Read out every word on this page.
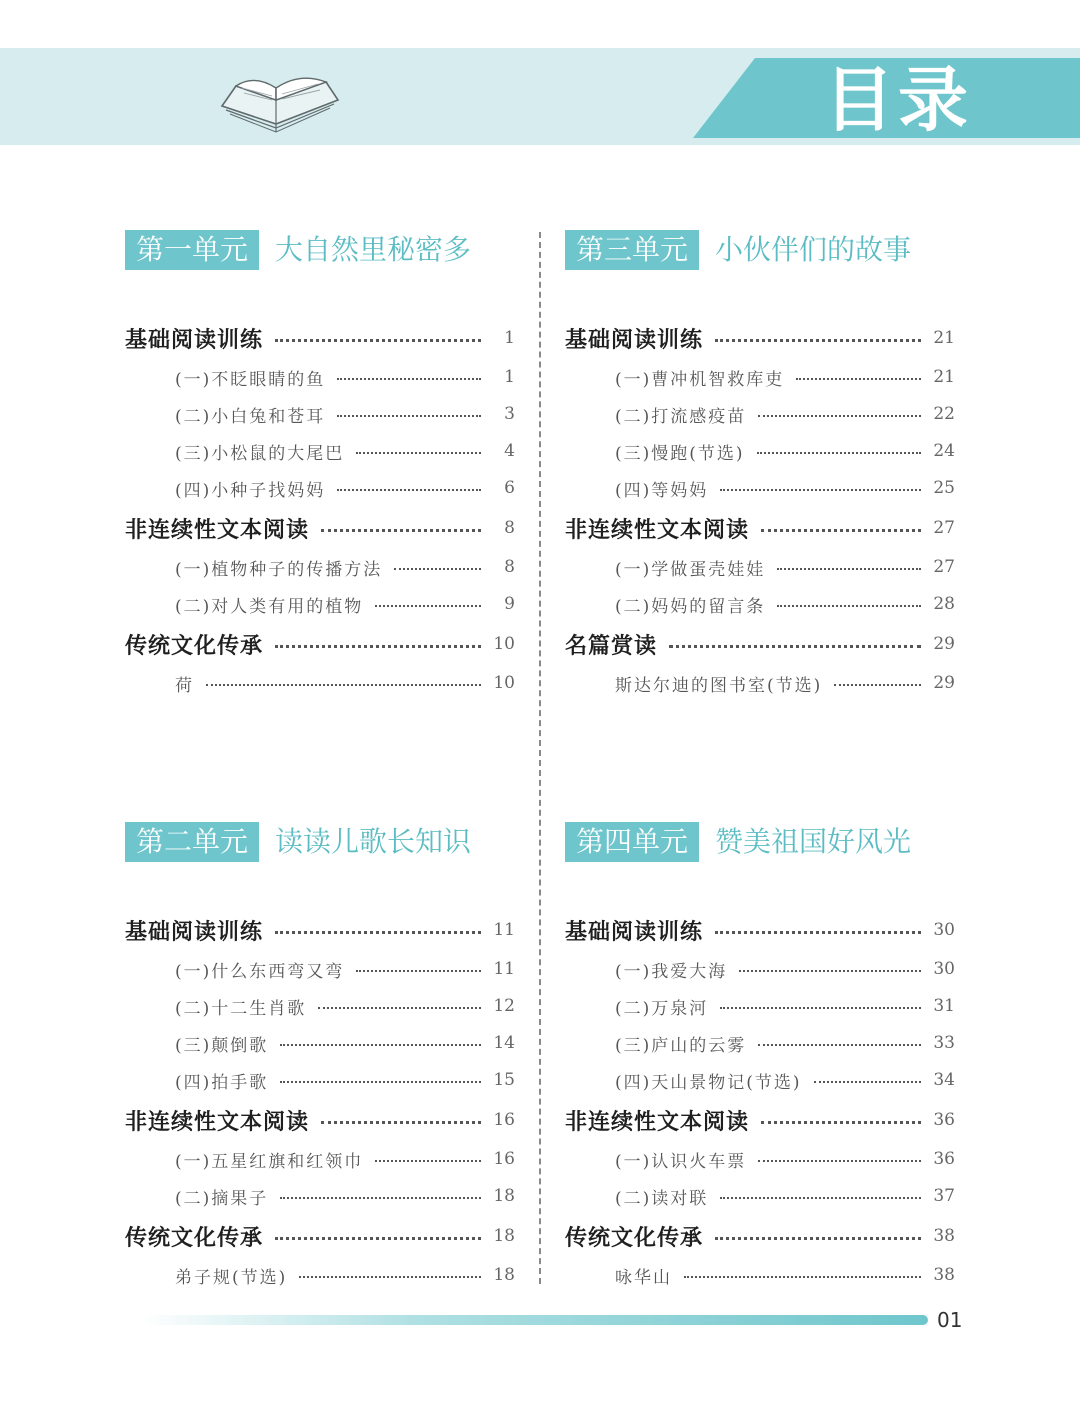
目录
第一单元 大自然里秘密多	第三单元 小伙伴们的故事
第二单元 读读儿歌长知识	第四单元 赞美祖国好风光
基础阅读训练	1
(一)不眨眼睛的鱼	1
(二)小白兔和苍耳	3
(三)小松鼠的大尾巴	4
(四)小种子找妈妈	6
非连续性文本阅读	8
(一)植物种子的传播方法	8
(二)对人类有用的植物	9
传统文化传承	10
荷	10
基础阅读训练	21
(一)曹冲机智救库吏	21
(二)打流感疫苗	22
(三)慢跑(节选)	24
(四)等妈妈	25
非连续性文本阅读	27
(一)学做蛋壳娃娃	27
(二)妈妈的留言条	28
名篇赏读	29
斯达尔迪的图书室(节选)	29
基础阅读训练	11
(一)什么东西弯又弯	11
(二)十二生肖歌	12
(三)颠倒歌	14
(四)拍手歌	15
非连续性文本阅读	16
(一)五星红旗和红领巾	16
(二)摘果子	18
传统文化传承	18
弟子规(节选)	18
基础阅读训练	30
(一)我爱大海	30
(二)万泉河	31
(三)庐山的云雾	33
(四)天山景物记(节选)	34
非连续性文本阅读	36
(一)认识火车票	36
(二)读对联	37
传统文化传承	38
咏华山	38
01
